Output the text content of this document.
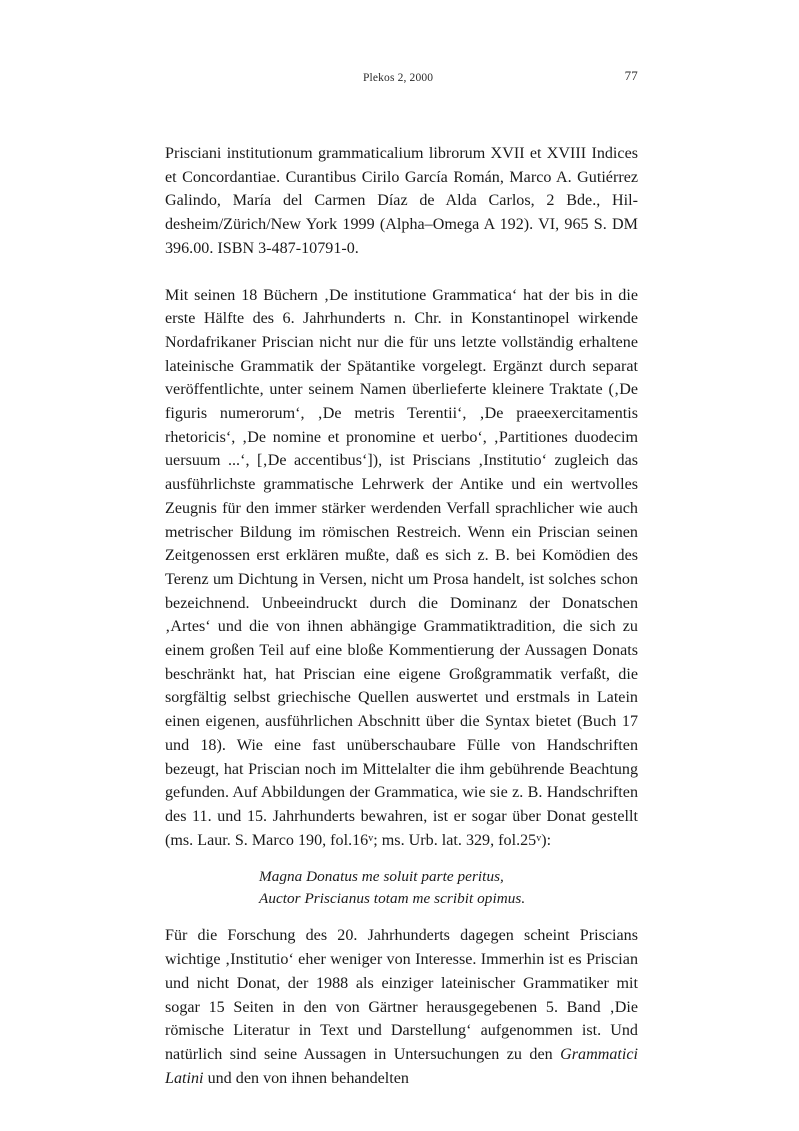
Plekos 2, 2000	77
Prisciani institutionum grammaticalium librorum XVII et XVIII Indices et Concordantiae. Curantibus Cirilo García Román, Marco A. Gutiérrez Galindo, María del Carmen Díaz de Alda Carlos, 2 Bde., Hildesheim/Zürich/New York 1999 (Alpha–Omega A 192). VI, 965 S. DM 396.00. ISBN 3-487-10791-0.
Mit seinen 18 Büchern ‚De institutione Grammatica‘ hat der bis in die erste Hälfte des 6. Jahrhunderts n. Chr. in Konstantinopel wirkende Nordafrikaner Priscian nicht nur die für uns letzte vollständig erhaltene lateinische Grammatik der Spätantike vorgelegt. Ergänzt durch separat veröffentlichte, unter seinem Namen überlieferte kleinere Traktate (‚De figuris numerorum‘, ‚De metris Terentii‘, ‚De praeexercitamentis rhetoricis‘, ‚De nomine et pronomine et uerbo‘, ‚Partitiones duodecim uersuum ...‘, [‚De accentibus‘]), ist Priscians ‚Institutio‘ zugleich das ausführlichste grammatische Lehrwerk der Antike und ein wertvolles Zeugnis für den immer stärker werdenden Verfall sprachlicher wie auch metrischer Bildung im römischen Restreich. Wenn ein Priscian seinen Zeitgenossen erst erklären mußte, daß es sich z. B. bei Komödien des Terenz um Dichtung in Versen, nicht um Prosa handelt, ist solches schon bezeichnend. Unbeeindruckt durch die Dominanz der Donatschen ‚Artes‘ und die von ihnen abhängige Grammatiktradition, die sich zu einem großen Teil auf eine bloße Kommentierung der Aussagen Donats beschränkt hat, hat Priscian eine eigene Großgrammatik verfaßt, die sorgfältig selbst griechische Quellen auswertet und erstmals in Latein einen eigenen, ausführlichen Abschnitt über die Syntax bietet (Buch 17 und 18). Wie eine fast unüberschaubare Fülle von Handschriften bezeugt, hat Priscian noch im Mittelalter die ihm gebührende Beachtung gefunden. Auf Abbildungen der Grammatica, wie sie z. B. Handschriften des 11. und 15. Jahrhunderts bewahren, ist er sogar über Donat gestellt (ms. Laur. S. Marco 190, fol.16$^v$; ms. Urb. lat. 329, fol.25$^v$):
Magna Donatus me soluit parte peritus,
Auctor Priscianus totam me scribit opimus.
Für die Forschung des 20. Jahrhunderts dagegen scheint Priscians wichtige ‚Institutio‘ eher weniger von Interesse. Immerhin ist es Priscian und nicht Donat, der 1988 als einziger lateinischer Grammatiker mit sogar 15 Seiten in den von Gärtner herausgegebenen 5. Band ‚Die römische Literatur in Text und Darstellung‘ aufgenommen ist. Und natürlich sind seine Aussagen in Untersuchungen zu den Grammatici Latini und den von ihnen behandelten
